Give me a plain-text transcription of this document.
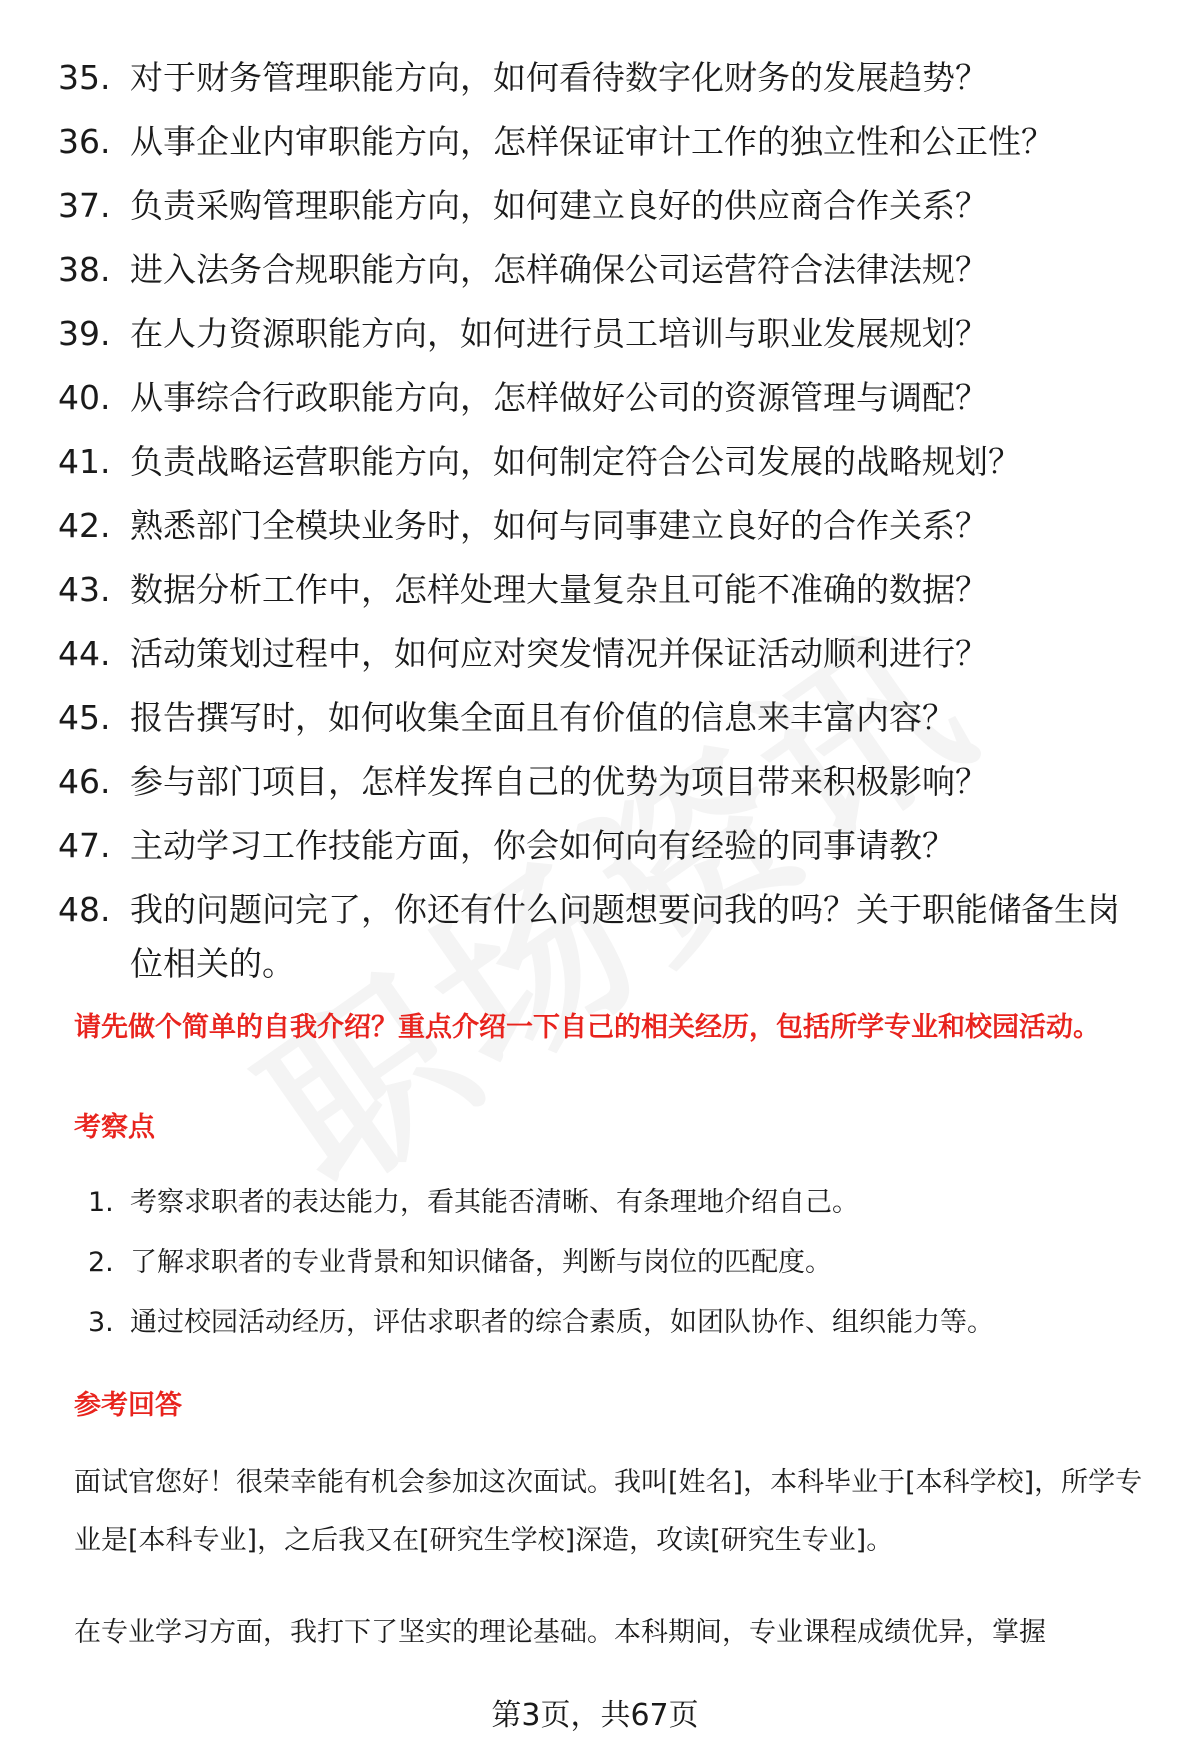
35. 对于财务管理职能方向，如何看待数字化财务的发展趋势？
36. 从事企业内审职能方向，怎样保证审计工作的独立性和公正性？
37. 负责采购管理职能方向，如何建立良好的供应商合作关系？
38. 进入法务合规职能方向，怎样确保公司运营符合法律法规？
39. 在人力资源职能方向，如何进行员工培训与职业发展规划？
40. 从事综合行政职能方向，怎样做好公司的资源管理与调配？
41. 负责战略运营职能方向，如何制定符合公司发展的战略规划？
42. 熟悉部门全模块业务时，如何与同事建立良好的合作关系？
43. 数据分析工作中，怎样处理大量复杂且可能不准确的数据？
44. 活动策划过程中，如何应对突发情况并保证活动顺利进行？
45. 报告撰写时，如何收集全面且有价值的信息来丰富内容？
46. 参与部门项目，怎样发挥自己的优势为项目带来积极影响？
47. 主动学习工作技能方面，你会如何向有经验的同事请教？
48. 我的问题问完了，你还有什么问题想要问我的吗？关于职能储备生岗位相关的。

请先做个简单的自我介绍？重点介绍一下自己的相关经历，包括所学专业和校园活动。

考察点
1. 考察求职者的表达能力，看其能否清晰、有条理地介绍自己。
2. 了解求职者的专业背景和知识储备，判断与岗位的匹配度。
3. 通过校园活动经历，评估求职者的综合素质，如团队协作、组织能力等。
参考回答

面试官您好！很荣幸能有机会参加这次面试。我叫[姓名]，本科毕业于[本科学校]，所学专业是[本科专业]，之后我又在[研究生学校]深造，攻读[研究生专业]。

在专业学习方面，我打下了坚实的理论基础。本科期间，专业课程成绩优异，掌握

第3页，共67页
